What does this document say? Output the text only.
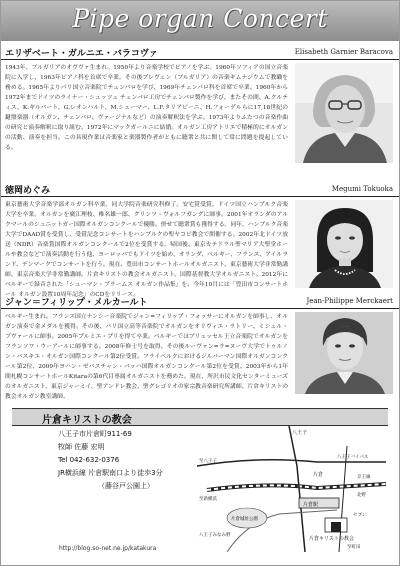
Pipe organ Concert
エリザベート・ガルニエ・バラコヴァ	Elisabeth Garnier Baracova
1943年、ブルガリアのオヴヴァ生まれ。1950年より音楽学校でピアノを学ぶ。1960年ソフィアの国立音楽院に入学し、1963年ピアノ科を首席で卒業。その後プレヴェン（ブルガリア）の音楽ギムナジウムで教職を務める。1965年よりパリ国立音楽院でチェンバロを学び、1969年チェンバロ科を首席で卒業。1960年から1972年までドイツのライナー・シュッツェ チェンバロ工房でチェンバロ製作を学び、またその間、A.クルティス、K.ギルバート、G.レオンハルト、M.シューマー、L.F.タリアビーニ、H.フォーゲルらに17,18世紀の鍵盤楽器（オルガン、チェンバロ、ヴァージナルなど）の演奏解釈法を学ぶ。1973年よりふたつの音楽作曲の研究と演奏解釈に取り組む。1972年にマックガールニに結婚。オルガン工房アトリエで積極的にオルガンの活動、演奏を担当。この具現作業は音楽家と楽器製作者がともに聴衆と共に関して常に問題を提起している。
徳岡めぐみ	Megumi Tokuoka
東京藝術大学音楽学部オルガン科卒業、同大学院音楽研究科修了。安宅賞受賞。ドイツ国立ハンブルク音楽大学を卒業。オルガンを廣江理枝、椎名雄一郎、グリンツ・ヴォルフガングに師事。2001年オランダのアルクマールのシュニットガー国際オルガンコンクールで優勝。併せて聴衆賞も獲得する。同年、ハンブルク音楽大学でDAAD賞を受賞し、受賞記念コンサートをハンブルクの聖ヤコビ教会で開催する。2002年北ドイツ放送（NDR）音楽賞国際オルガンコンクールで2位を受賞する。帰国後、東京カテドラル聖マリア大聖堂ホールや教会などで演奏活動を行う他、ヨーロッパでもドイツを始め、オランダ、ベルギー、フランス、アイルランド、デンマークでコンサートを行う。現在、豊田市コンサートホールオルガニスト、東京藝術大学非常勤講師、東京音楽大学非常勤講師。片倉キリストの教会オルガニスト。国際基督教大学オルガニスト。2012年にベルギーで録音された「シューマン・ブラームス オルガン作品集」を、今年10月には「豊田市コンサートホール オルガン設置10周年記念」のCDをリリース。
ジャン＝フィリップ・メルカールト	Jean-Philippe Merckaert
ベルギー生まれ。フランス国立ナンシー音楽院でジャン=フィリップ・フォッサーにオルガンを師事し、オルガン演奏で金メダルを獲得。その後、パリ国立高等音楽院でオルガンをオリヴィエ・ラトリー、ミシェル・ブヴァールに師事。2005年プルミエ・プリを得て卒業。ベルギーではブリュッセル王立音楽院でオルガンをフランソワ・ウーアールに師事する。2008年修士号を取得、その後ルーヴァン=ラ=ヌーヴ大学でトゥルノン・パスキエ・オルガン国際コンクール第2位受賞。フライベルクにおけるジルバーマン国際オルガンコンクール第2位、2009年ヨハン・ゼバスチャン・バッハ国際オルガンコンクール第2位を受賞。2003年から1年間札幌コンサートホールKitaraの第6代目専属オルガニストを務めた。現在、所沢市民文化センターミューズのオルガニスト、東京ジャーミイ、聖アンドレ教会、聖グレゴリオの家宗教音楽研究所講師、片倉キリストの教会オルガン教室講師。
片倉キリストの教会
八王子市片倉町911-69
牧師 佐藤 宏明
Tel 042-632-0376
JR横浜線 片倉駅南口より徒歩3分
（藤谷戸公園上）
http://blog.so-net.ne.jp/katakura
八王子
八王子バイパス
至八王子
片倉
至新横浜
京王線
片倉駅
北野
片倉城址公園
片倉キリストの教会
セブン
八王子みなみ野
至町田
